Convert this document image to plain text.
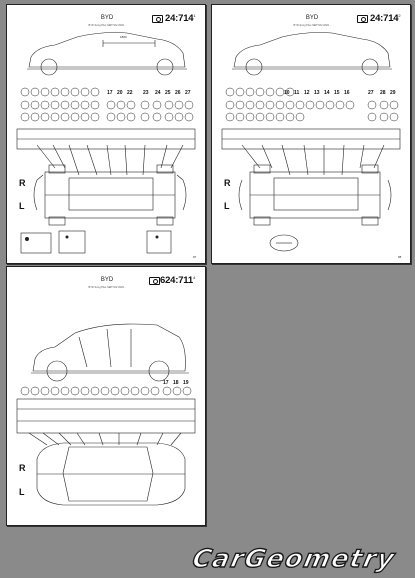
1860
17 20 22 23 24 25 26 27
BYD
BYD Song Plus SEPT/22 2020 -
$24:714^1$
R
L
87
10 11 12 13 14 15 16	27 28 29
BYD
BYD Song Plus SEPT/22 2020 -
$24:714^2$
R
L
88
17 18 19
BYD
BYD Song Plus SEPT/22 2020 -
$624:711^4$
R
L
CarGeometry
